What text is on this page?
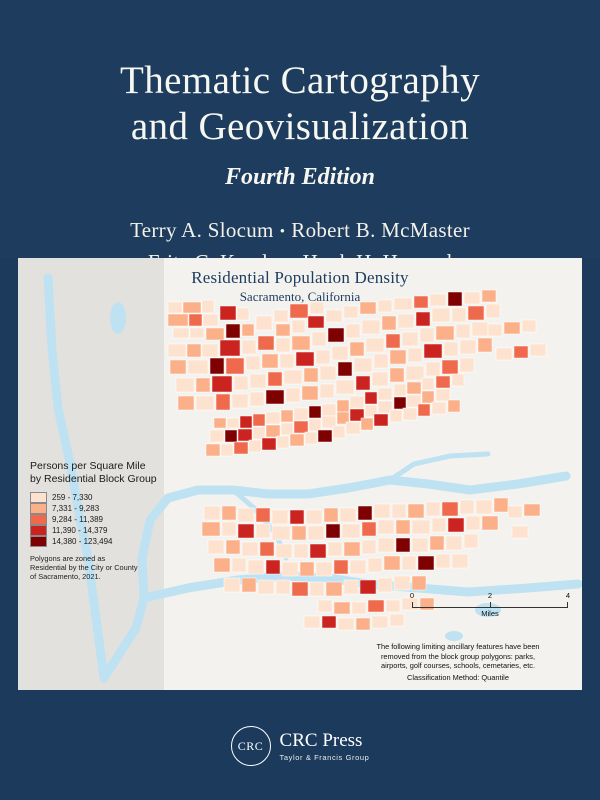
Thematic Cartography
and Geovisualization
Fourth Edition
Terry A. Slocum • Robert B. McMaster
Residential Population Density
Sacramento, California
Persons per Square Mile
by Residential Block Group
259 - 7,330
7,331 - 9,283
9,284 - 11,389
11,390 - 14,379
14,380 - 123,494
Polygons are zoned as Residential by the City or County of Sacramento, 2021.
0	2	4
Miles
The following limiting ancillary features have been
removed from the block group polygons: parks,
airports, golf courses, schools, cemetaries, etc.
Classification Method: Quantile
CRC CRC Press
Taylor & Francis Group
